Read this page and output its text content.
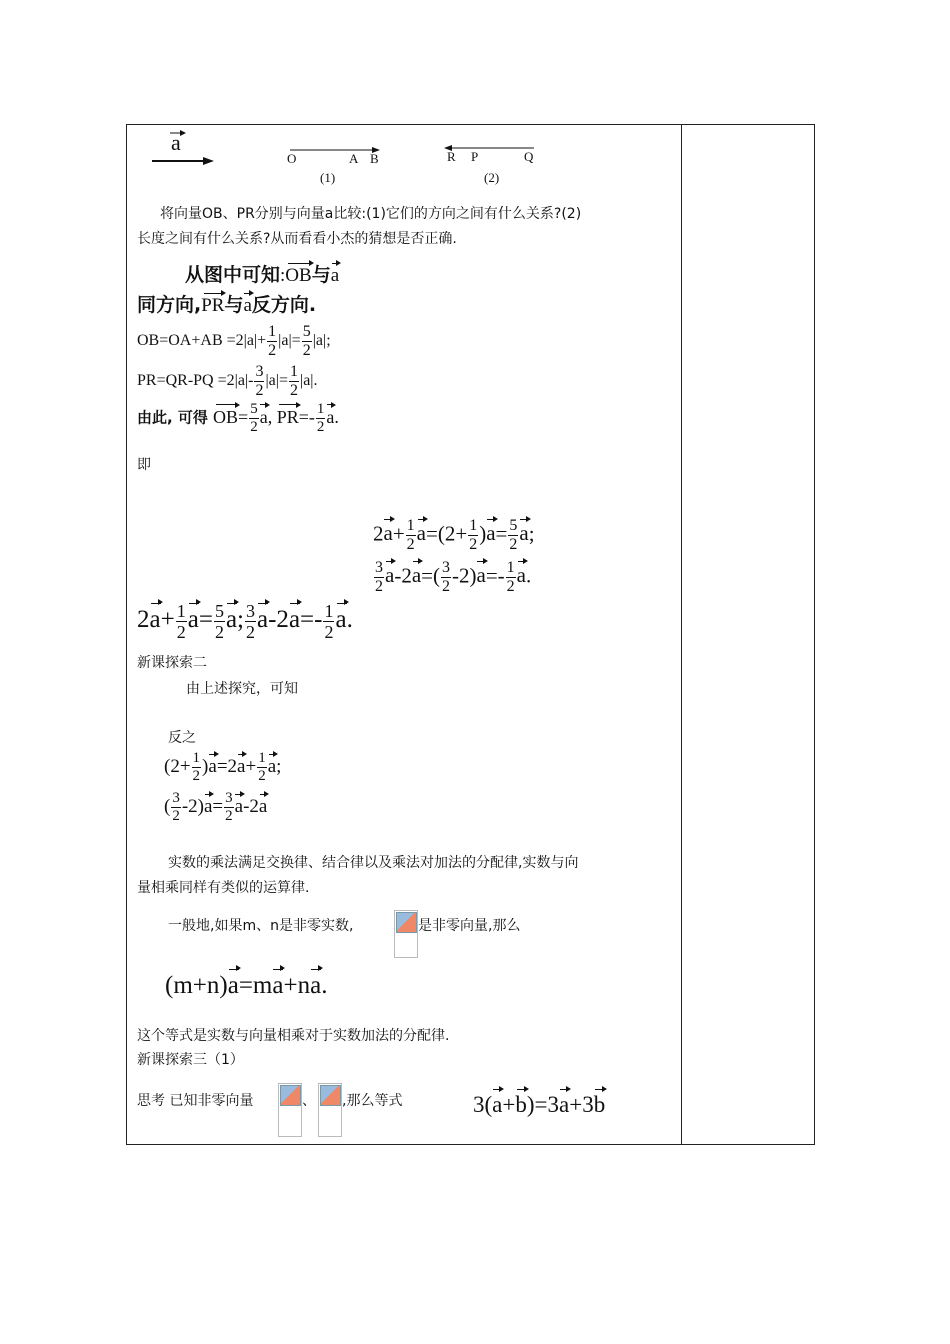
a
O	A B
(1)
R P	Q
(2)
将向量OB、PR分别与向量a比较:(1)它们的方向之间有什么关系?(2)
长度之间有什么关系?从而看看小杰的猜想是否正确.
从图中可知:OB与a
同方向,PR与a反方向.
$OB=OA+AB =2|a|+ \frac{1}{2} |a|= \frac{5}{2} |a|$;
$PR=QR-PQ =2|a|- \frac{3}{2} |a|= \frac{1}{2} |a|$.
由此, 可得 $OB= \frac{5}{2} a$, $PR=- \frac{1}{2} a$.
即
$2a+ \frac{1}{2} a=(2+ \frac{1}{2} )a= \frac{5}{2} a$;
$\frac{3}{2} a-2a=( \frac{3}{2} -2)a=- \frac{1}{2} a$.
$2a+ \frac{1}{2} a= \frac{5}{2} a$; $\frac{3}{2} a-2a=- \frac{1}{2} a$.
新课探索二
由上述探究，可知
反之
$(2+ \frac{1}{2} )a=2a+ \frac{1}{2} a$;
( $\frac{3}{2} -2)a= \frac{3}{2} a-2a$
实数的乘法满足交换律、结合律以及乘法对加法的分配律,实数与向
量相乘同样有类似的运算律.
一般地,如果m、n是非零实数,	是非零向量,那么
(m+n)a=ma+na.
这个等式是实数与向量相乘对于实数加法的分配律.
新课探索三（1）
思考 已知非零向量	、 ,那么等式	3(a+b)=3a+3b
